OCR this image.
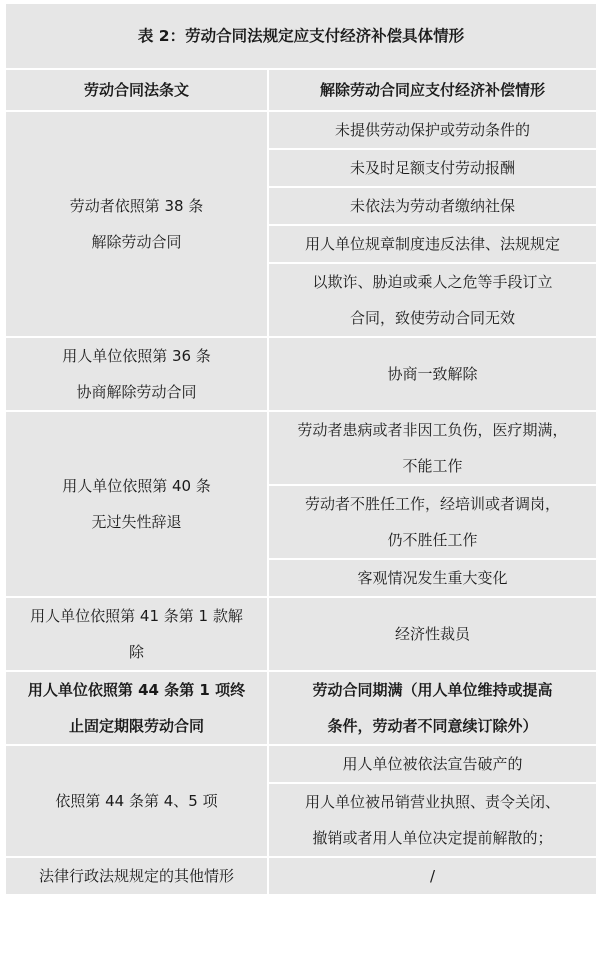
表 2：劳动合同法规定应支付经济补偿具体情形	
劳动合同法条文	解除劳动合同应支付经济补偿情形

劳动者依照第 38 条
解除劳动合同	未提供劳动保护或劳动条件的

	未及时足额支付劳动报酬

	未依法为劳动者缴纳社保

	用人单位规章制度违反法律、法规规定

	以欺诈、胁迫或乘人之危等手段订立
合同，致使劳动合同无效

用人单位依照第 36 条
协商解除劳动合同	协商一致解除

用人单位依照第 40 条
无过失性辞退	劳动者患病或者非因工负伤，医疗期满，
不能工作

	劳动者不胜任工作，经培训或者调岗，
仍不胜任工作

	客观情况发生重大变化

用人单位依照第 41 条第 1 款解
除	经济性裁员

用人单位依照第 44 条第 1 项终
止固定期限劳动合同	劳动合同期满（用人单位维持或提高
条件，劳动者不同意续订除外）

依照第 44 条第 4、5 项	用人单位被依法宣告破产的

	用人单位被吊销营业执照、责令关闭、
撤销或者用人单位决定提前解散的；

法律行政法规规定的其他情形	/
